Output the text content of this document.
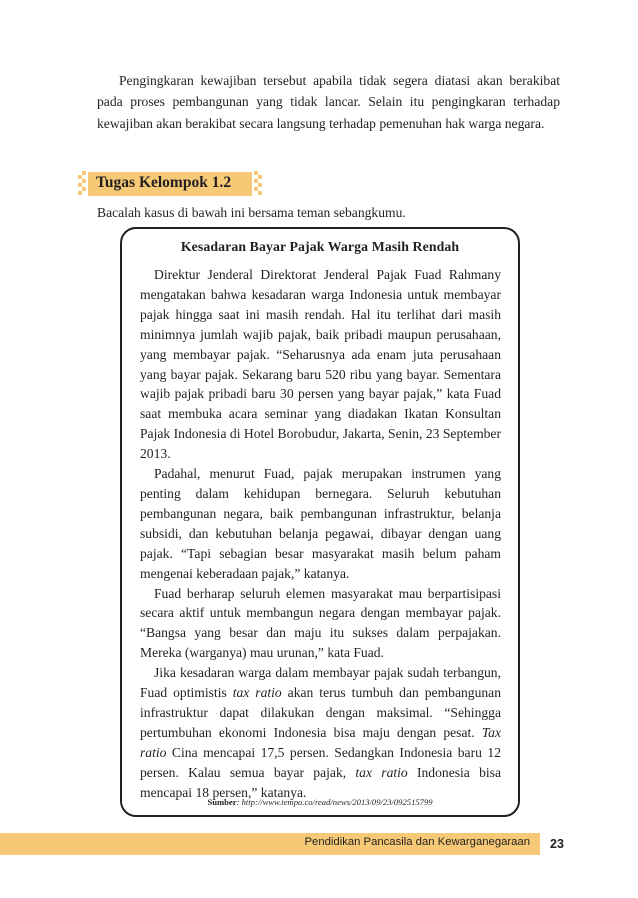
Pengingkaran kewajiban tersebut apabila tidak segera diatasi akan berakibat pada proses pembangunan yang tidak lancar. Selain itu pengingkaran terhadap kewajiban akan berakibat secara langsung terhadap pemenuhan hak warga negara.

Tugas Kelompok 1.2
Bacalah kasus di bawah ini bersama teman sebangkumu.
Kesadaran Bayar Pajak Warga Masih Rendah

Direktur Jenderal Direktorat Jenderal Pajak Fuad Rahmany mengatakan bahwa kesadaran warga Indonesia untuk membayar pajak hingga saat ini masih rendah. Hal itu terlihat dari masih minimnya jumlah wajib pajak, baik pribadi maupun perusahaan, yang membayar pajak. “Seharusnya ada enam juta perusahaan yang bayar pajak. Sekarang baru 520 ribu yang bayar. Sementara wajib pajak pribadi baru 30 persen yang bayar pajak,” kata Fuad saat membuka acara seminar yang diadakan Ikatan Konsultan Pajak Indonesia di Hotel Borobudur, Jakarta, Senin, 23 September 2013.

Padahal, menurut Fuad, pajak merupakan instrumen yang penting dalam kehidupan bernegara. Seluruh kebutuhan pembangunan negara, baik pembangunan infrastruktur, belanja subsidi, dan kebutuhan belanja pegawai, dibayar dengan uang pajak. “Tapi sebagian besar masyarakat masih belum paham mengenai keberadaan pajak,” katanya.

Fuad berharap seluruh elemen masyarakat mau berpartisipasi secara aktif untuk membangun negara dengan membayar pajak. “Bangsa yang besar dan maju itu sukses dalam perpajakan. Mereka (warganya) mau urunan,” kata Fuad.

Jika kesadaran warga dalam membayar pajak sudah terbangun, Fuad optimistis tax ratio akan terus tumbuh dan pembangunan infrastruktur dapat dilakukan dengan maksimal. “Sehingga pertumbuhan ekonomi Indonesia bisa maju dengan pesat. Tax ratio Cina mencapai 17,5 persen. Sedangkan Indonesia baru 12 persen. Kalau semua bayar pajak, tax ratio Indonesia bisa mencapai 18 persen,” katanya.

Sumber: http://www.tempo.co/read/news/2013/09/23/092515799
Pendidikan Pancasila dan Kewarganegaraan	23
